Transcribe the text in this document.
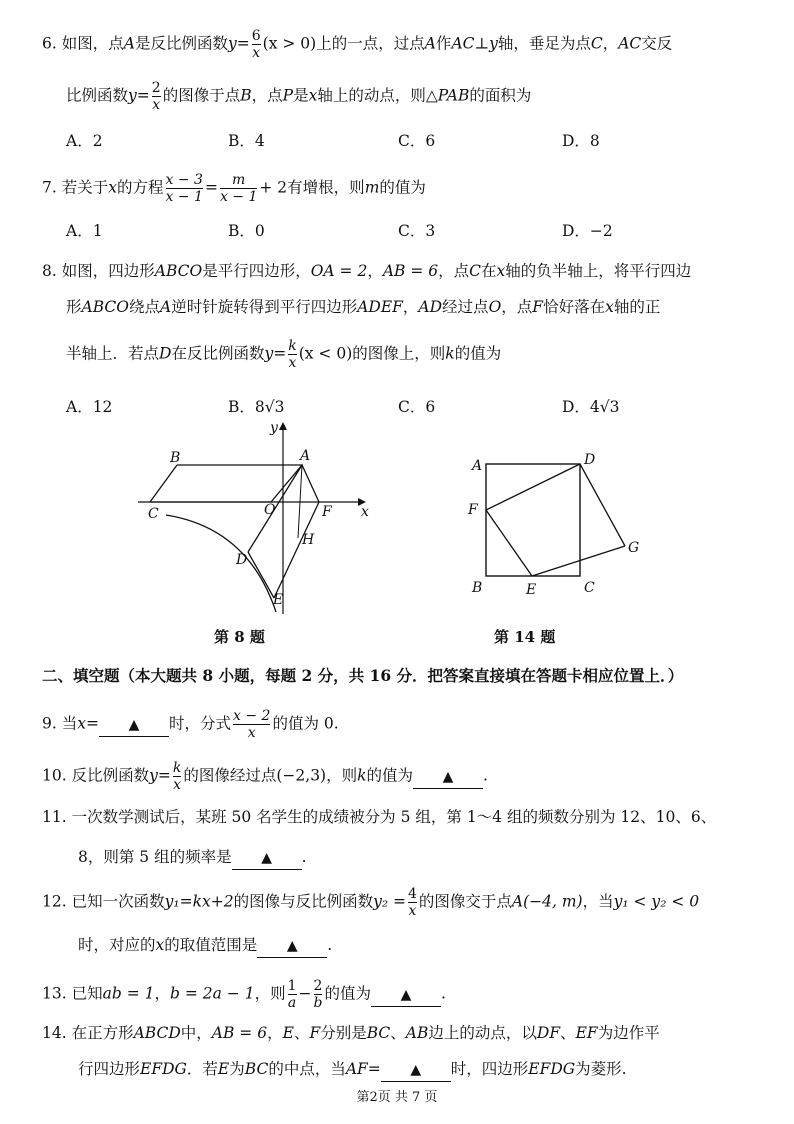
6. 如图，点A是反比例函数$y= \frac{6}{x} (x > 0)$上的一点，过点A作AC⊥y轴，垂足为点C，AC交反
比例函数$y= \frac{2}{x}$ 的图像于点B，点P是x轴上的动点，则△PAB的面积为
A．2	B．4	C．6	D．8
7. 若关于x的方程 $\frac{x - 3}{x - 1} = \frac{m}{x - 1} + 2$有增根，则m的值为
A．1	B．0	C．3	D．−2
8. 如图，四边形ABCO是平行四边形，OA = 2，AB = 6，点C在x轴的负半轴上，将平行四边
形ABCO绕点A逆时针旋转得到平行四边形ADEF，AD经过点O，点F恰好落在x轴的正
半轴上．若点D在反比例函数$y= \frac{k}{x} (x < 0)$的图像上，则k的值为
A．12	B．8√3	C．6	D．4√3
y
x
A
B
C	O	F
D
H
E
第 8 题
A	D
F
G
B	E	C
第 14 题
二、填空题（本大题共 8 小题，每题 2 分，共 16 分．把答案直接填在答题卡相应位置上．）
9. 当x= ▲ 时，分式 $\frac{x - 2}{x}$ 的值为 0.
10. 反比例函数$y= \frac{k}{x}$ 的图像经过点(−2,3)，则k的值为 ▲ .
11. 一次数学测试后，某班 50 名学生的成绩被分为 5 组，第 1～4 组的频数分别为 12、10、6、
8，则第 5 组的频率是 ▲ .
12. 已知一次函数y₁=kx+2的图像与反比例函数$y_2 = \frac{4}{x}$ 的图像交于点A(−4, m)，当y₁ < y₂ < 0
时，对应的x的取值范围是 ▲ .
13. 已知ab = 1，b = 2a − 1，则 $\frac{1}{a} - \frac{2}{b}$ 的值为 ▲ .
14. 在正方形ABCD中，AB = 6，E、F分别是BC、AB边上的动点，以DF、EF为边作平
行四边形EFDG．若E为BC的中点，当AF= ▲ 时，四边形EFDG为菱形.
第2页 共 7 页
